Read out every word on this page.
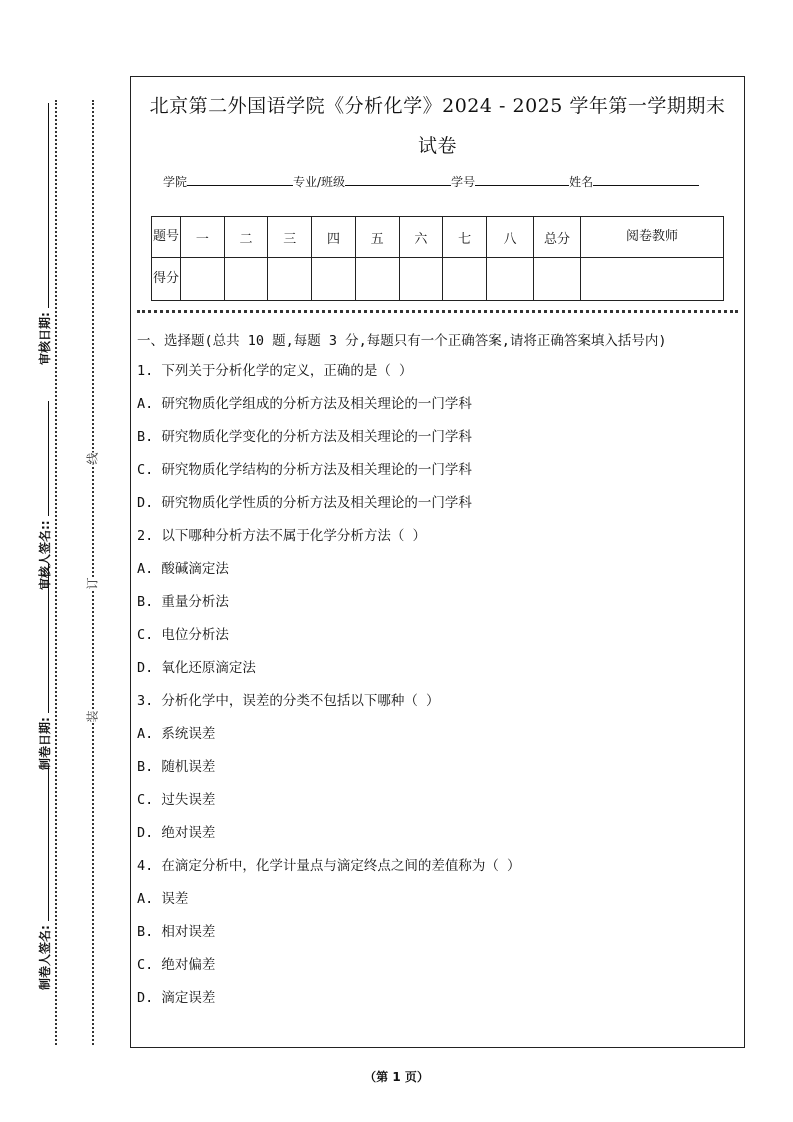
审核日期:
审核人签名::
制卷日期:
制卷人签名:
线
订
装
北京第二外国语学院《分析化学》2024 - 2025 学年第一学期期末
试卷
学院	专业/班级	学号	姓名
题号	一	二	三	四	五	六	七	八	总分	阅卷教师
得分										
一、选择题(总共 10 题,每题 3 分,每题只有一个正确答案,请将正确答案填入括号内)
1. 下列关于分析化学的定义，正确的是（ ）
A. 研究物质化学组成的分析方法及相关理论的一门学科
B. 研究物质化学变化的分析方法及相关理论的一门学科
C. 研究物质化学结构的分析方法及相关理论的一门学科
D. 研究物质化学性质的分析方法及相关理论的一门学科
2. 以下哪种分析方法不属于化学分析方法（ ）
A. 酸碱滴定法
B. 重量分析法
C. 电位分析法
D. 氧化还原滴定法
3. 分析化学中，误差的分类不包括以下哪种（ ）
A. 系统误差
B. 随机误差
C. 过失误差
D. 绝对误差
4. 在滴定分析中，化学计量点与滴定终点之间的差值称为（ ）
A. 误差
B. 相对误差
C. 绝对偏差
D. 滴定误差
（第 1 页）
